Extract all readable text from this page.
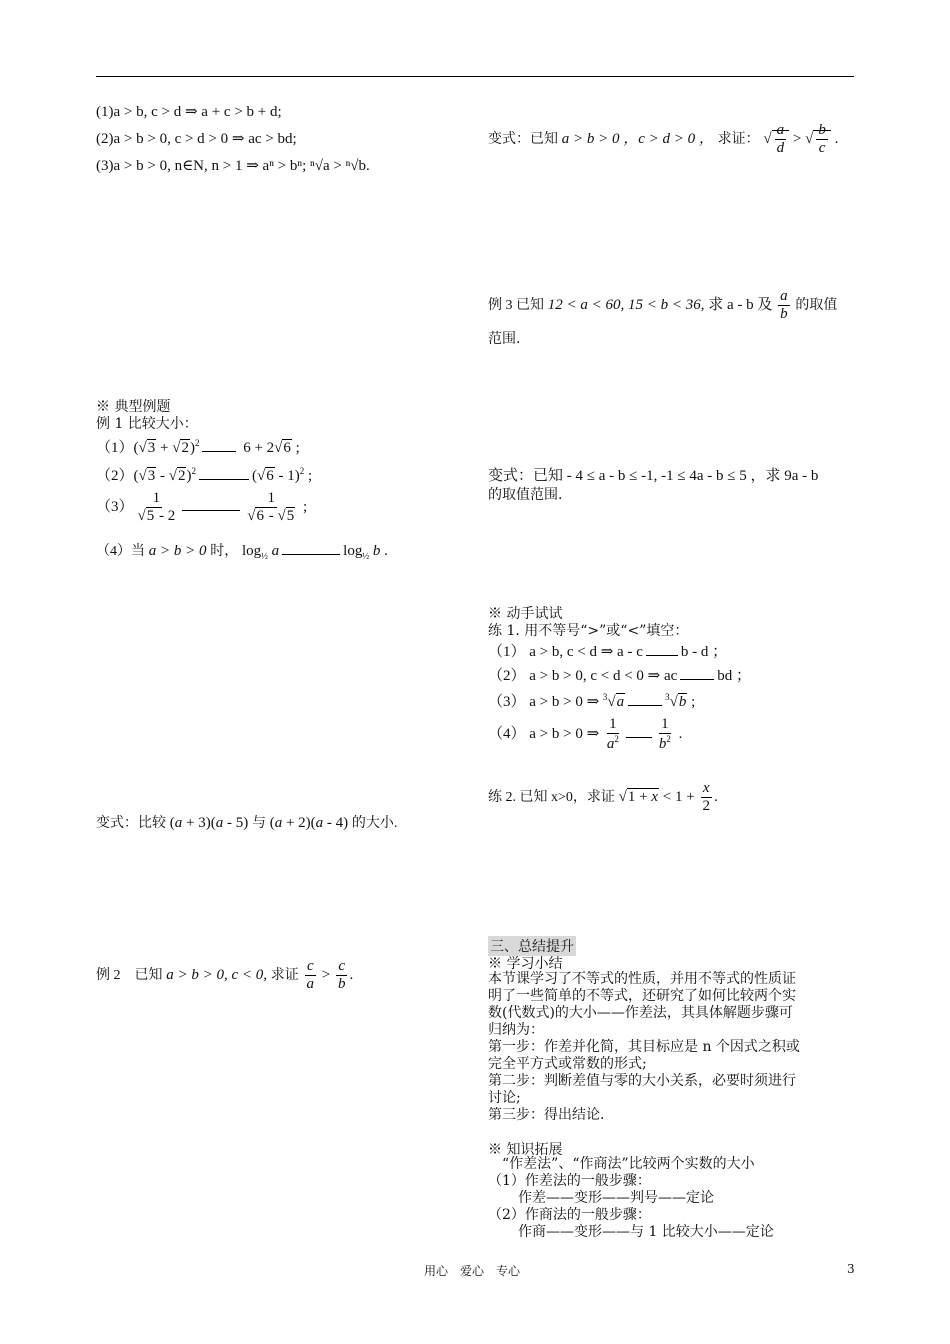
(1)a > b, c > d ⇒ a + c > b + d;
(2)a > b > 0, c > d > 0 ⇒ ac > bd;
(3)a > b > 0, n∈N, n > 1 ⇒ aⁿ > bⁿ; ⁿ√a > ⁿ√b.
※ 典型例题
例 1 比较大小：
$(1)(√3 + √2)^2$	6 + 2√6 ;
（2）(√3 - √2)$^2$	(√6 - 1)$^2$ ;
$(3) \frac{1}{√5 - 2}$	$\frac{1}{√6 - √5}$ ;
（4）当 a > b > 0 时， $\log_{\frac{1}{2}} a$	$\log_{\frac{1}{2}} b$ .
变式：比较 (a + 3)(a - 5) 与 (a + 2)(a - 4) 的大小.
例 2　已知 a > b > 0, c < 0, 求证 $\frac{c}{a} > \frac{c}{b}$ .
变式：已知 a > b > 0 ，c > d > 0 ， 求证： √ $\frac{a}{d}$ > √ $\frac{b}{c}$ .
例 3 已知 12 < a < 60, 15 < b < 36, 求 a - b 及 $\frac{a}{b}$ 的取值
范围.
变式：已知 - 4 ≤ a - b ≤ -1, -1 ≤ 4a - b ≤ 5 ，求 9a - b
的取值范围.
※ 动手试试
练 1. 用不等号“>”或“<”填空：
（1） a > b, c < d ⇒ a - c	b - d ；
（2） a > b > 0, c < d < 0 ⇒ ac	bd ；
（3） a > b > 0 ⇒ $^3$√a	$^3$√b ;
（4） a > b > 0 ⇒ $\frac{1}{a^2} \frac{1}{b^2}$ .
练 2. 已知 x>0，求证 $√1 + x < 1 + \frac{x}{2}$ .
三、总结提升
※ 学习小结
本节课学习了不等式的性质，并用不等式的性质证
明了一些简单的不等式，还研究了如何比较两个实
数(代数式)的大小——作差法，其具体解题步骤可
归纳为：
第一步：作差并化简，其目标应是 n 个因式之积或
完全平方式或常数的形式;
第二步：判断差值与零的大小关系，必要时须进行
讨论;
第三步：得出结论.
※ 知识拓展
“作差法”、“作商法”比较两个实数的大小
（1）作差法的一般步骤：
作差——变形——判号——定论
（2）作商法的一般步骤：
作商——变形——与 1 比较大小——定论
用心　爱心　专心	3
